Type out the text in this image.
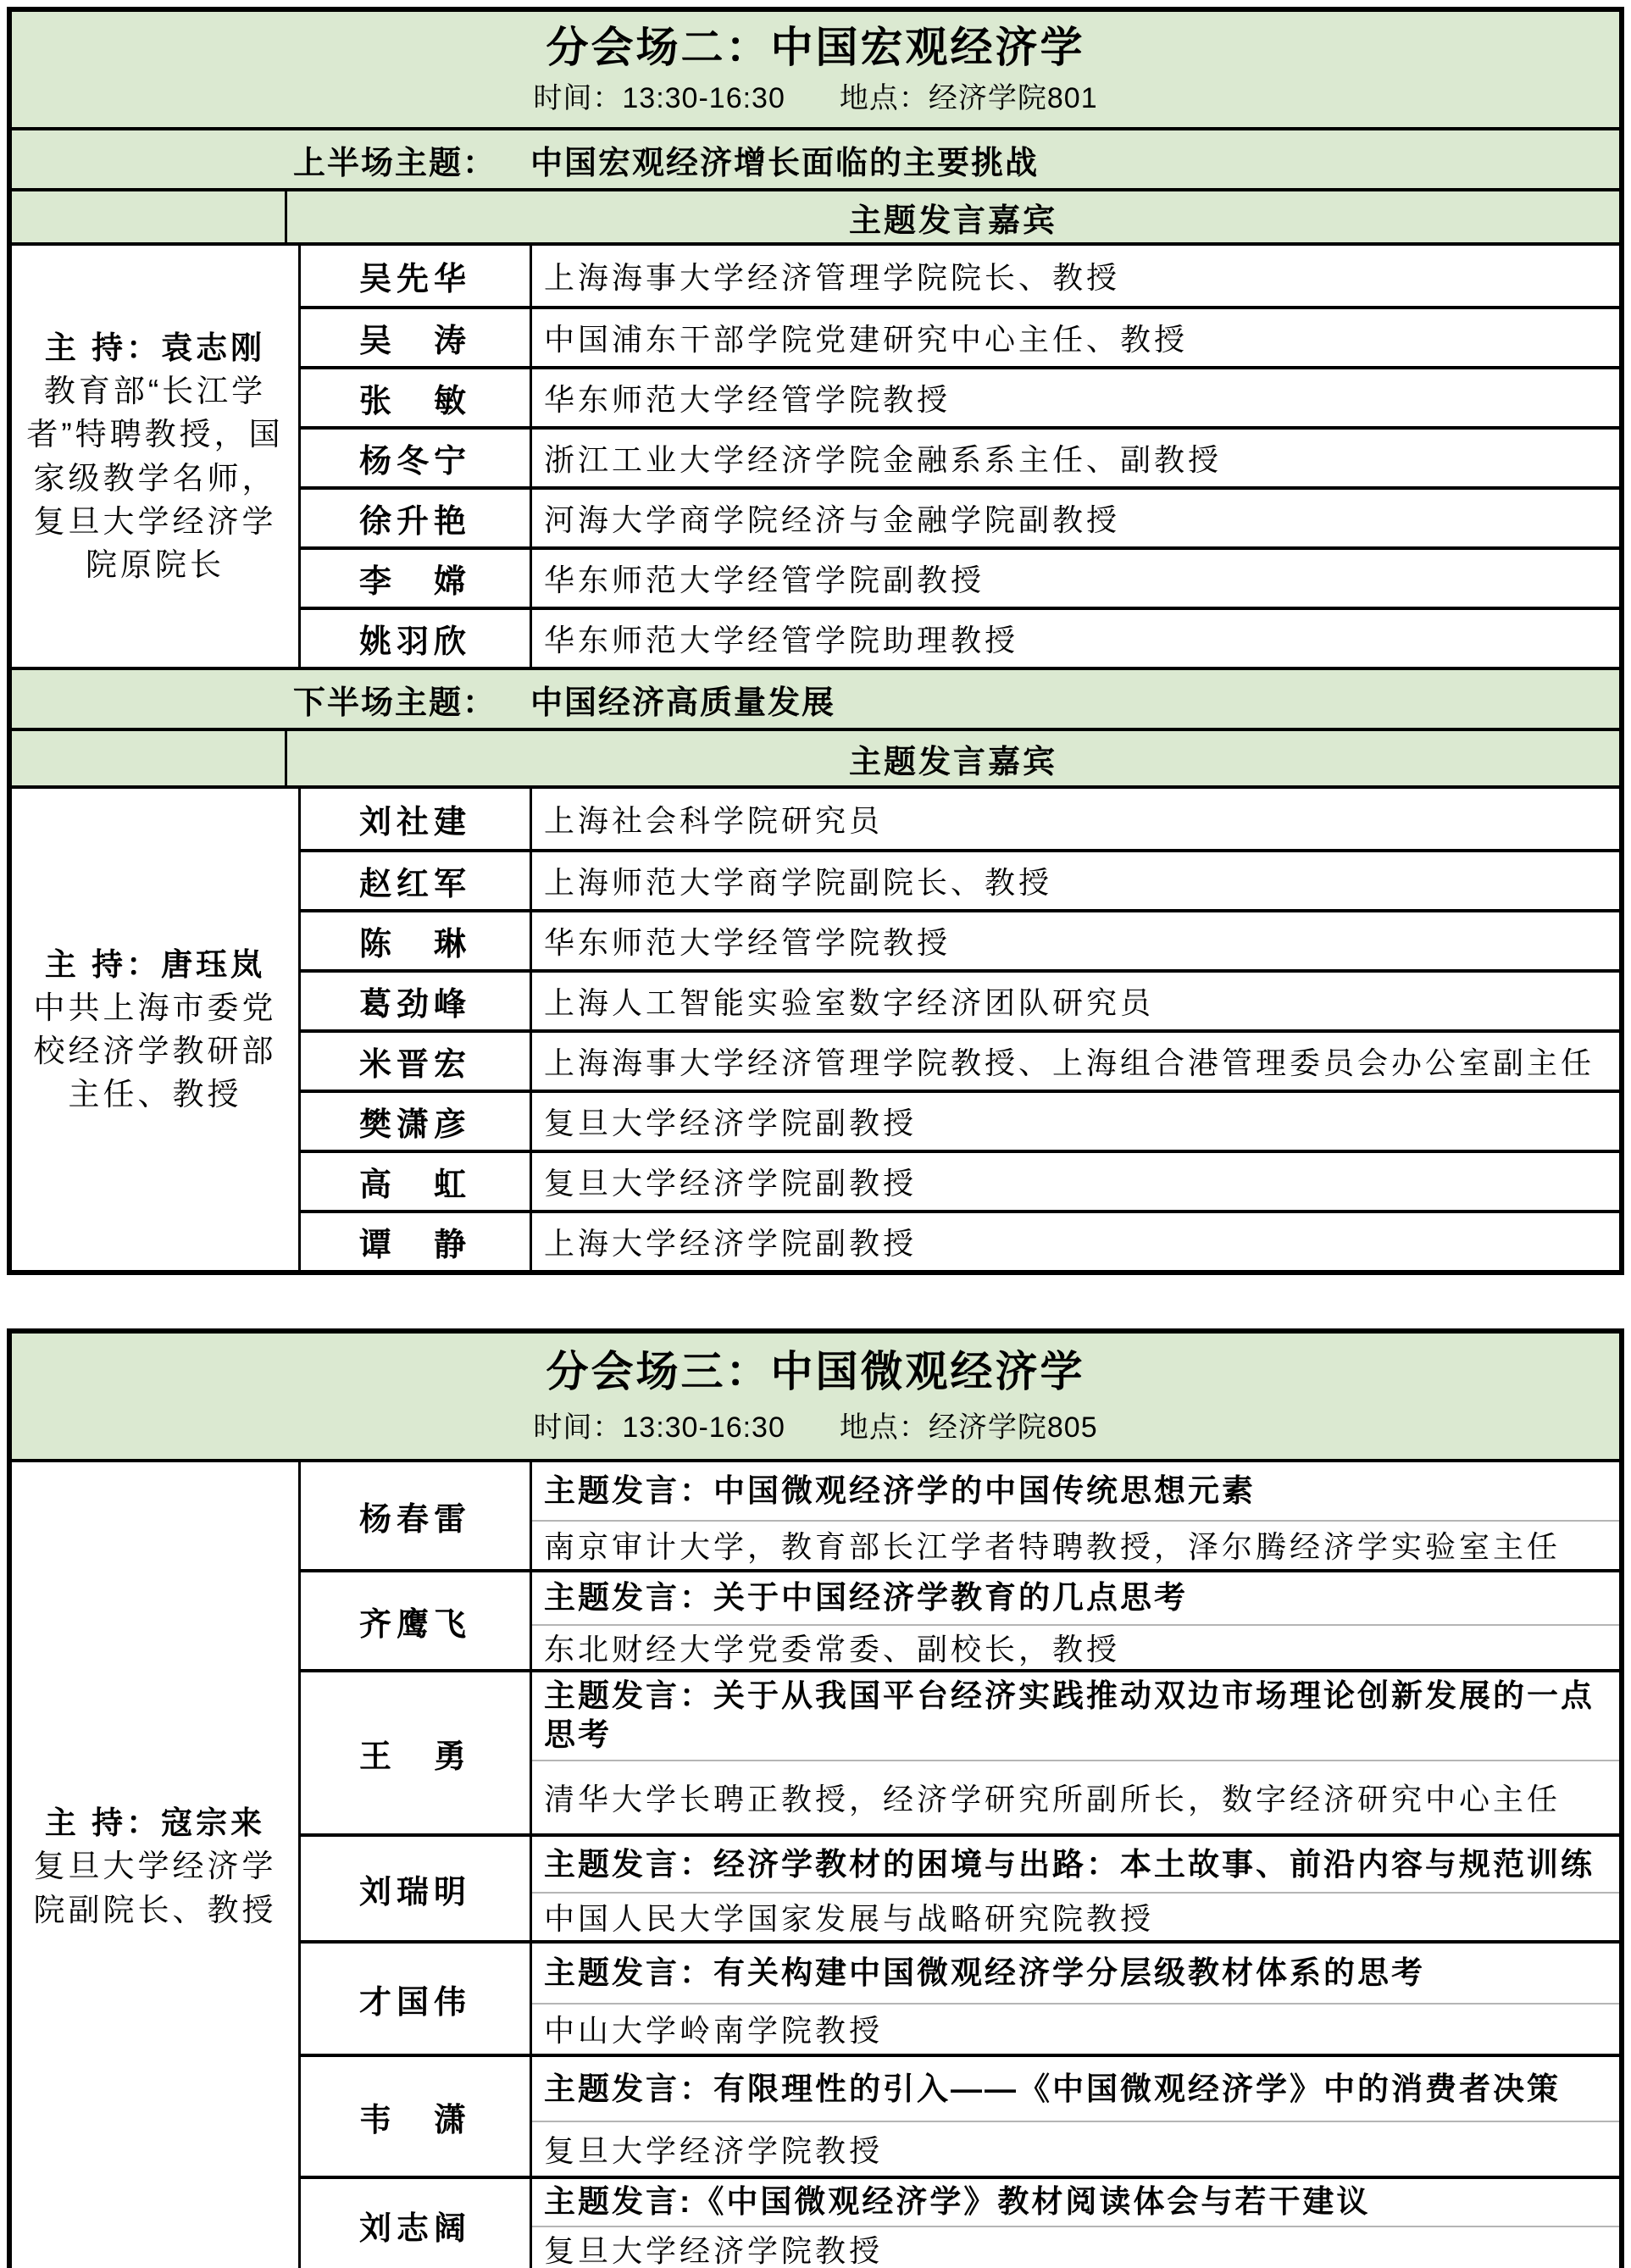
分会场二：中国宏观经济学
时间：13:30-16:30 地点：经济学院801
上半场主题： 中国宏观经济增长面临的主要挑战
主题发言嘉宾
主 持：袁志刚
教育部“长江学者”特聘教授，国家级教学名师，复旦大学经济学院原院长
吴先华	上海海事大学经济管理学院院长、教授
吴　涛	中国浦东干部学院党建研究中心主任、教授
张　敏	华东师范大学经管学院教授
杨冬宁	浙江工业大学经济学院金融系系主任、副教授
徐升艳	河海大学商学院经济与金融学院副教授
李　嫦	华东师范大学经管学院副教授
姚羽欣	华东师范大学经管学院助理教授
下半场主题： 中国经济高质量发展
主题发言嘉宾
主 持：唐珏岚
中共上海市委党校经济学教研部主任、教授
刘社建	上海社会科学院研究员
赵红军	上海师范大学商学院副院长、教授
陈　琳	华东师范大学经管学院教授
葛劲峰	上海人工智能实验室数字经济团队研究员
米晋宏	上海海事大学经济管理学院教授、上海组合港管理委员会办公室副主任
樊潇彦	复旦大学经济学院副教授
高　虹	复旦大学经济学院副教授
谭　静	上海大学经济学院副教授
分会场三：中国微观经济学
时间：13:30-16:30 地点：经济学院805
主 持：寇宗来
复旦大学经济学院副院长、教授
杨春雷
主题发言：中国微观经济学的中国传统思想元素
南京审计大学，教育部长江学者特聘教授，泽尔腾经济学实验室主任
齐鹰飞
主题发言：关于中国经济学教育的几点思考
东北财经大学党委常委、副校长，教授
王　勇
主题发言：关于从我国平台经济实践推动双边市场理论创新发展的一点思考
清华大学长聘正教授，经济学研究所副所长，数字经济研究中心主任
刘瑞明
主题发言：经济学教材的困境与出路：本土故事、前沿内容与规范训练
中国人民大学国家发展与战略研究院教授
才国伟
主题发言：有关构建中国微观经济学分层级教材体系的思考
中山大学岭南学院教授
韦　潇
主题发言：有限理性的引入——《中国微观经济学》中的消费者决策
复旦大学经济学院教授
刘志阔
主题发言:《中国微观经济学》教材阅读体会与若干建议
复旦大学经济学院教授
